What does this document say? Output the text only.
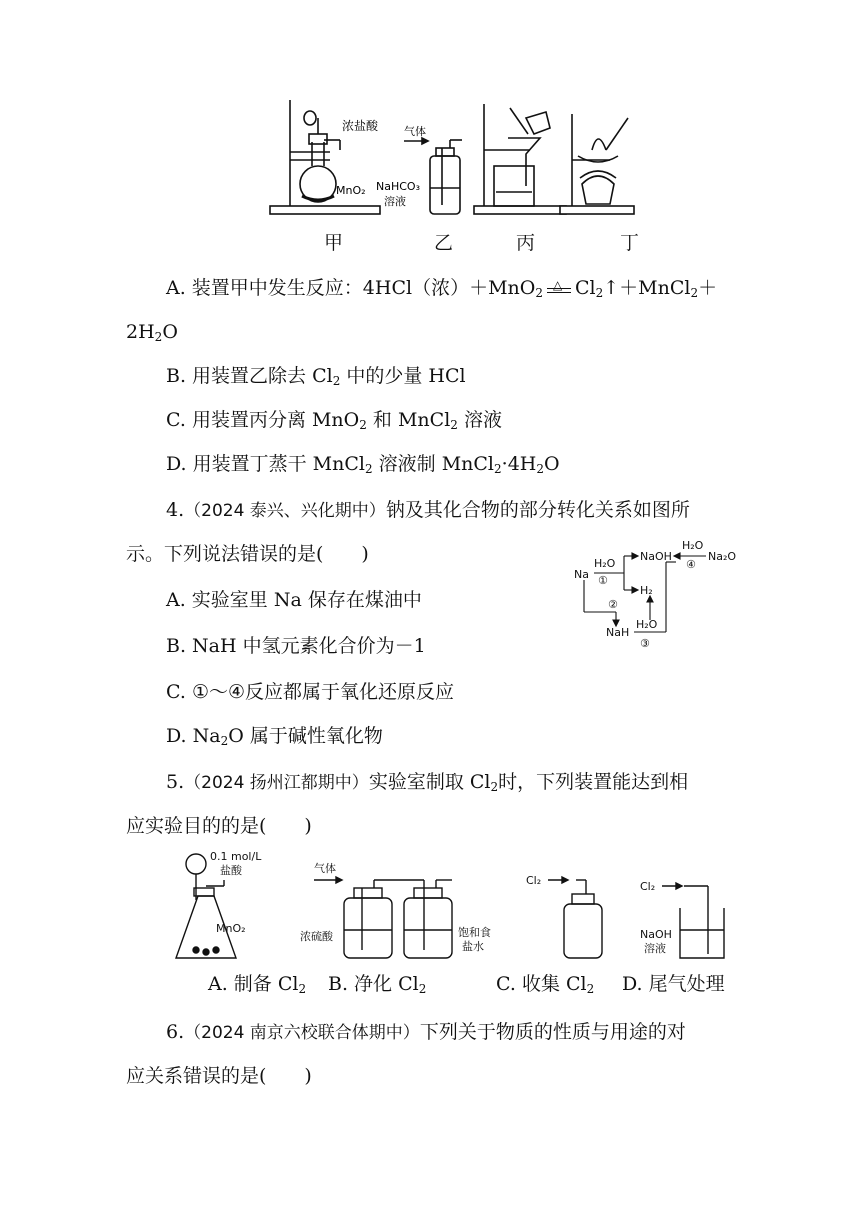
浓盐酸
MnO₂
气体
NaHCO₃
溶液
甲	乙	丙	丁
A. 装置甲中发生反应：4HCl（浓）＋MnO$_2$
△ $Cl_2↑+MnCl_2+$
$2H_2O$
B. 用装置乙除去 $Cl_2$ 中的少量 HCl
C. 用装置丙分离 MnO$_2$ 和 MnCl$_2$ 溶液
D. 用装置丁蒸干 MnCl$_2$ 溶液制 $MnCl_2\cdot 4H_2O$
4.（2024 泰兴、兴化期中）钠及其化合物的部分转化关系如图所
示。下列说法错误的是(　　)
Na
H₂O
①
NaOH
H₂O
④
Na₂O
H₂
②
NaH
H₂O
③
A. 实验室里 Na 保存在煤油中
B. NaH 中氢元素化合价为－1
C. ①～④反应都属于氧化还原反应
D. $Na_2O$ 属于碱性氧化物
5.（2024 扬州江都期中）实验室制取 $Cl_2$时，下列装置能达到相
应实验目的的是(　　)
0.1 mol/L
盐酸
MnO₂
气体
浓硫酸	饱和食
盐水
Cl₂	Cl₂
NaOH
溶液
A. 制备 $Cl_2$ B. 净化 $Cl_2$	C. 收集 $Cl_2$ D. 尾气处理
6.（2024 南京六校联合体期中）下列关于物质的性质与用途的对
应关系错误的是(　　)
